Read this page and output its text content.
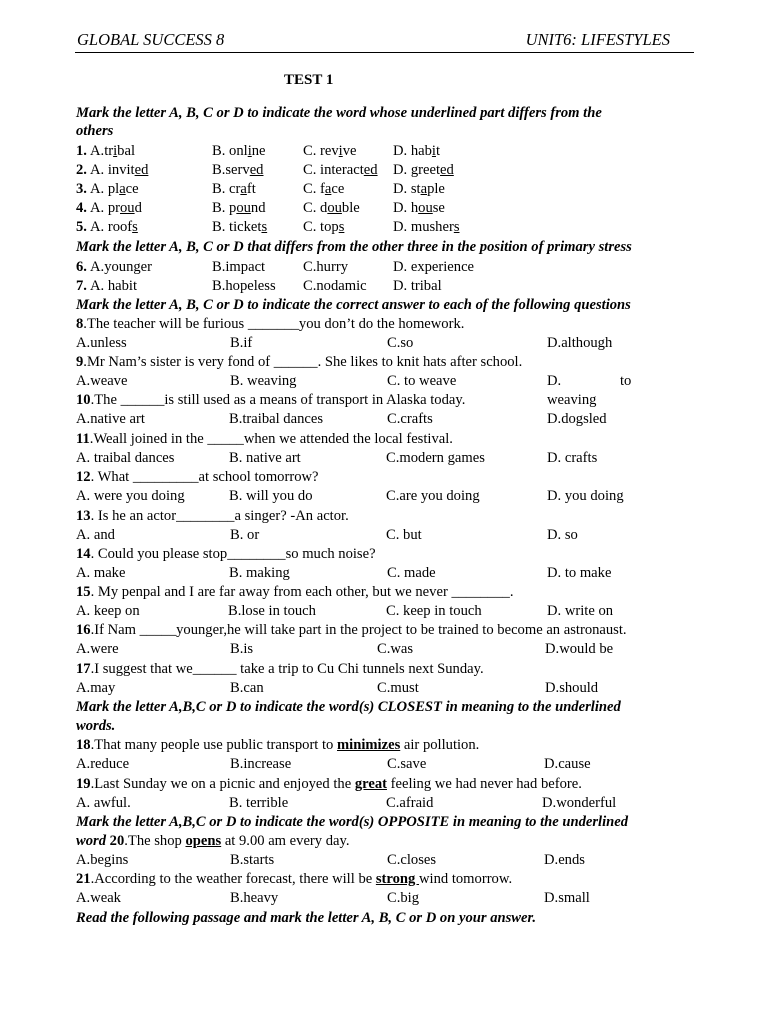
GLOBAL SUCCESS 8	UNIT6: LIFESTYLES
TEST 1
Mark the letter A, B, C or D to indicate the word whose underlined part differs from the
others
1. A.tribal	B. online	C. revive D. habit
2. A. invited	B.served	C. interacted D. greeted
3. A. place	B. craft	C. face	D. staple
4. A. proud	B. pound	C. double D. house
5. A. roofs	B. tickets C. tops	D. mushers
Mark the letter A, B, C or D that differs from the other three in the position of primary stress
6. A.younger	B.impact	C.hurry	D. experience
7. A. habit	B.hopeless C.nodamic D. tribal
Mark the letter A, B, C or D to indicate the correct answer to each of the following questions
8.The teacher will be furious _______you don’t do the homework.
A.unless	B.if	C.so	D.although
9.Mr Nam’s sister is very fond of ______. She likes to knit hats after school.
A.weave	B. weaving	C. to weave	D.	to
weaving
10.The ______is still used as a means of transport in Alaska today.
A.native art	B.traibal dances	C.crafts	D.dogsled
11.Weall joined in the _____when we attended the local festival.
A. traibal dances	B. native art	C.modern games	D. crafts
12. What _________at school tomorrow?
A. were you doing	B. will you do	C.are you doing	D. you doing
13. Is he an actor________a singer? -An actor.
A. and	B. or	C. but	D. so
14. Could you please stop________so much noise?
A. make	B. making	C. made	D. to make
15. My penpal and I are far away from each other, but we never ________.
A. keep on	B.lose in touch	C. keep in touch	D. write on
16.If Nam _____younger,he will take part in the project to be trained to become an astronaust.
A.were	B.is	C.was	D.would be
17.I suggest that we______ take a trip to Cu Chi tunnels next Sunday.
A.may	B.can	C.must	D.should
18.That many people use public transport to minimizes air pollution.
A.reduce	B.increase	C.save	D.cause
19.Last Sunday we on a picnic and enjoyed the great feeling we had never had before.
A. awful.	B. terrible	C.afraid	D.wonderful
word 20.The shop opens at 9.00 am every day.
A.begins	B.starts	C.closes	D.ends
21.According to the weather forecast, there will be strong wind tomorrow.
A.weak	B.heavy	C.big	D.small
Mark the letter A,B,C or D to indicate the word(s) CLOSEST in meaning to the underlined
words.
Mark the letter A,B,C or D to indicate the word(s) OPPOSITE in meaning to the underlined
Read the following passage and mark the letter A, B, C or D on your answer.
